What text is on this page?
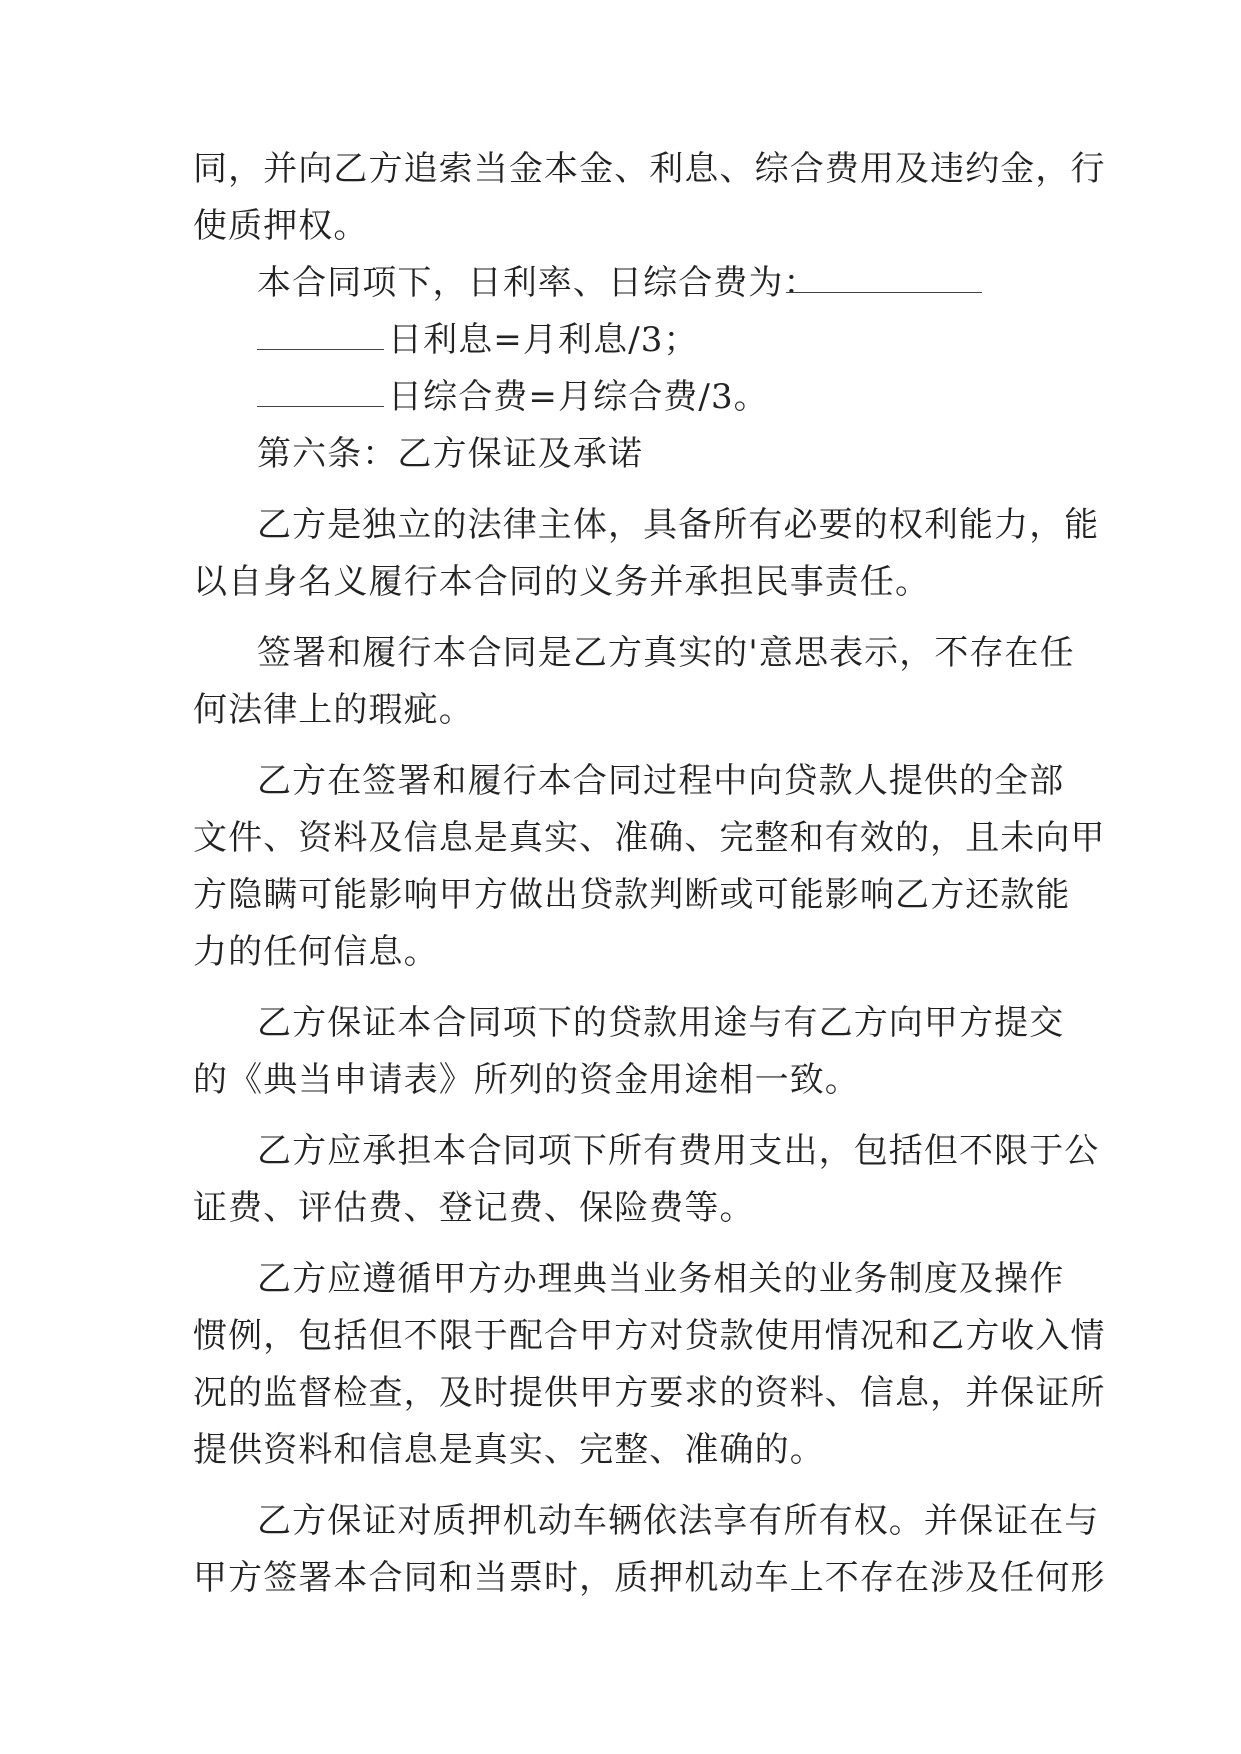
同，并向乙方追索当金本金、利息、综合费用及违约金，行
使质押权。
本合同项下，日利率、日综合费为：
日利息=月利息/3；
日综合费=月综合费/3。
第六条：乙方保证及承诺
乙方是独立的法律主体，具备所有必要的权利能力，能
以自身名义履行本合同的义务并承担民事责任。
签署和履行本合同是乙方真实的'意思表示，不存在任
何法律上的瑕疵。
乙方在签署和履行本合同过程中向贷款人提供的全部
文件、资料及信息是真实、准确、完整和有效的，且未向甲
方隐瞒可能影响甲方做出贷款判断或可能影响乙方还款能
力的任何信息。
乙方保证本合同项下的贷款用途与有乙方向甲方提交
的《典当申请表》所列的资金用途相一致。
乙方应承担本合同项下所有费用支出，包括但不限于公
证费、评估费、登记费、保险费等。
乙方应遵循甲方办理典当业务相关的业务制度及操作
惯例，包括但不限于配合甲方对贷款使用情况和乙方收入情
况的监督检查，及时提供甲方要求的资料、信息，并保证所
提供资料和信息是真实、完整、准确的。
乙方保证对质押机动车辆依法享有所有权。并保证在与
甲方签署本合同和当票时，质押机动车上不存在涉及任何形
